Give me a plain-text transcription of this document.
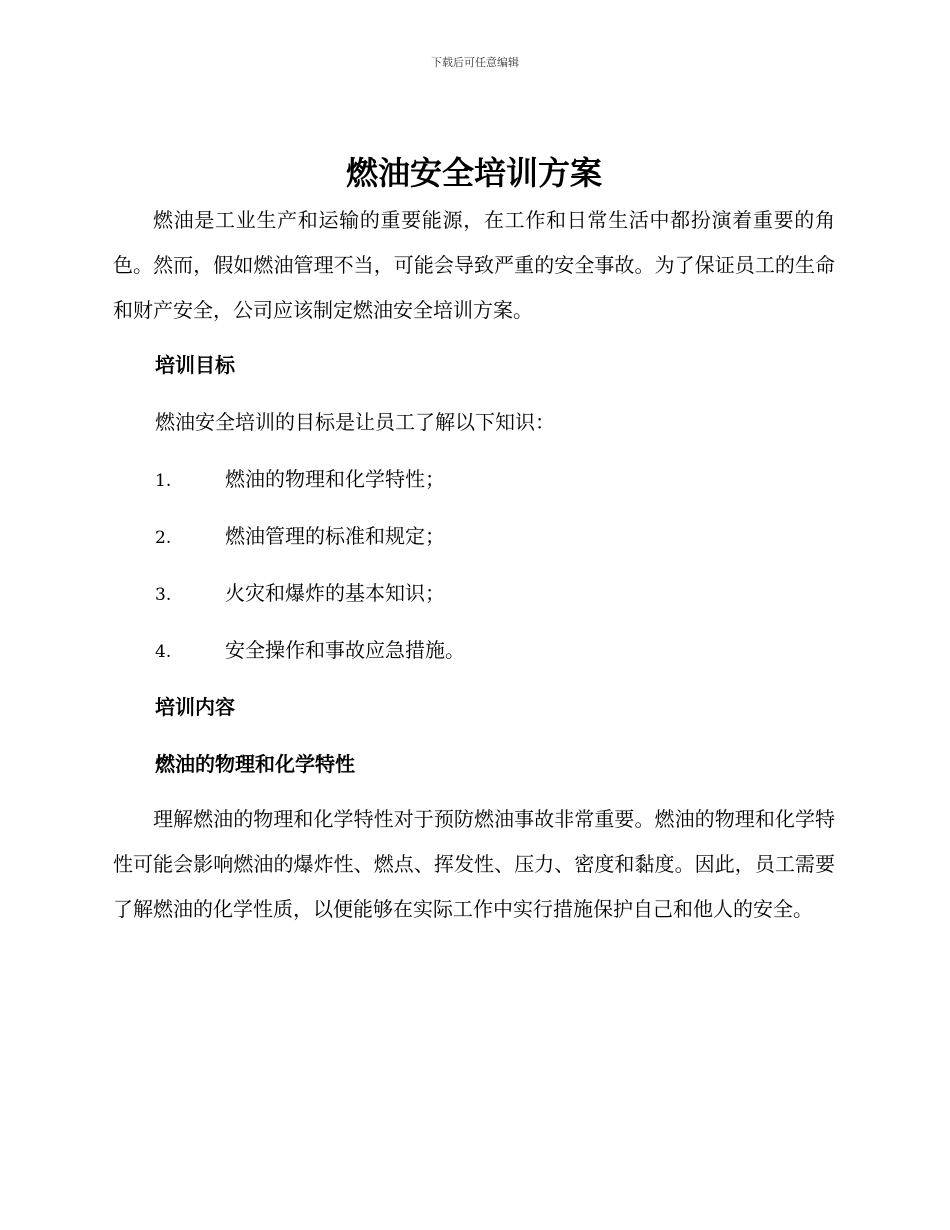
下载后可任意编辑
燃油安全培训方案

燃油是工业生产和运输的重要能源，在工作和日常生活中都扮演着重要的角色。然而，假如燃油管理不当，可能会导致严重的安全事故。为了保证员工的生命和财产安全，公司应该制定燃油安全培训方案。

培训目标

燃油安全培训的目标是让员工了解以下知识：

1.	燃油的物理和化学特性；
2.	燃油管理的标准和规定；
3.	火灾和爆炸的基本知识；
4.	安全操作和事故应急措施。

培训内容

燃油的物理和化学特性

理解燃油的物理和化学特性对于预防燃油事故非常重要。燃油的物理和化学特性可能会影响燃油的爆炸性、燃点、挥发性、压力、密度和黏度。因此，员工需要了解燃油的化学性质，以便能够在实际工作中实行措施保护自己和他人的安全。
